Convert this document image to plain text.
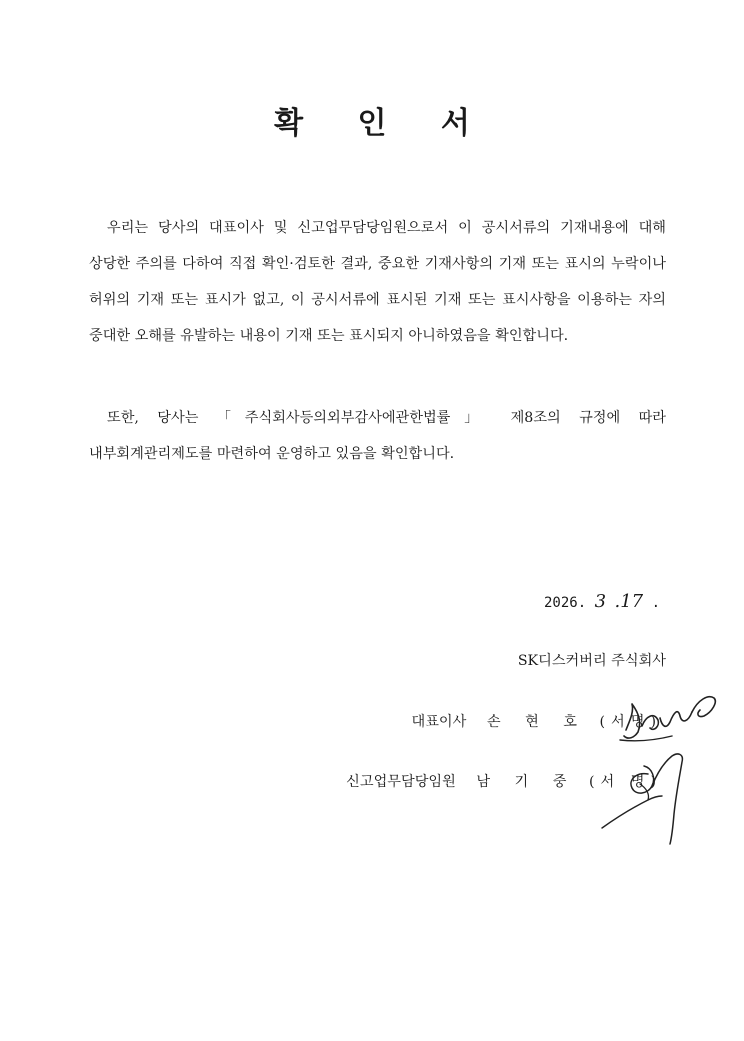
확 인 서

우리는 당사의 대표이사 및 신고업무담당임원으로서 이 공시서류의 기재내용에 대해 상당한 주의를 다하여 직접 확인·검토한 결과, 중요한 기재사항의 기재 또는 표시의 누락이나 허위의 기재 또는 표시가 없고, 이 공시서류에 표시된 기재 또는 표시사항을 이용하는 자의 중대한 오해를 유발하는 내용이 기재 또는 표시되지 아니하였음을 확인합니다.

또한, 당사는 「주식회사등의외부감사에관한법률」 제8조의 규정에 따라 내부회계관리제도를 마련하여 운영하고 있음을 확인합니다.

2026. 3 .17 .
SK디스커버리 주식회사
대표이사 손 현 호 (서명)
신고업무담당임원 남 기 중 (서 명)
